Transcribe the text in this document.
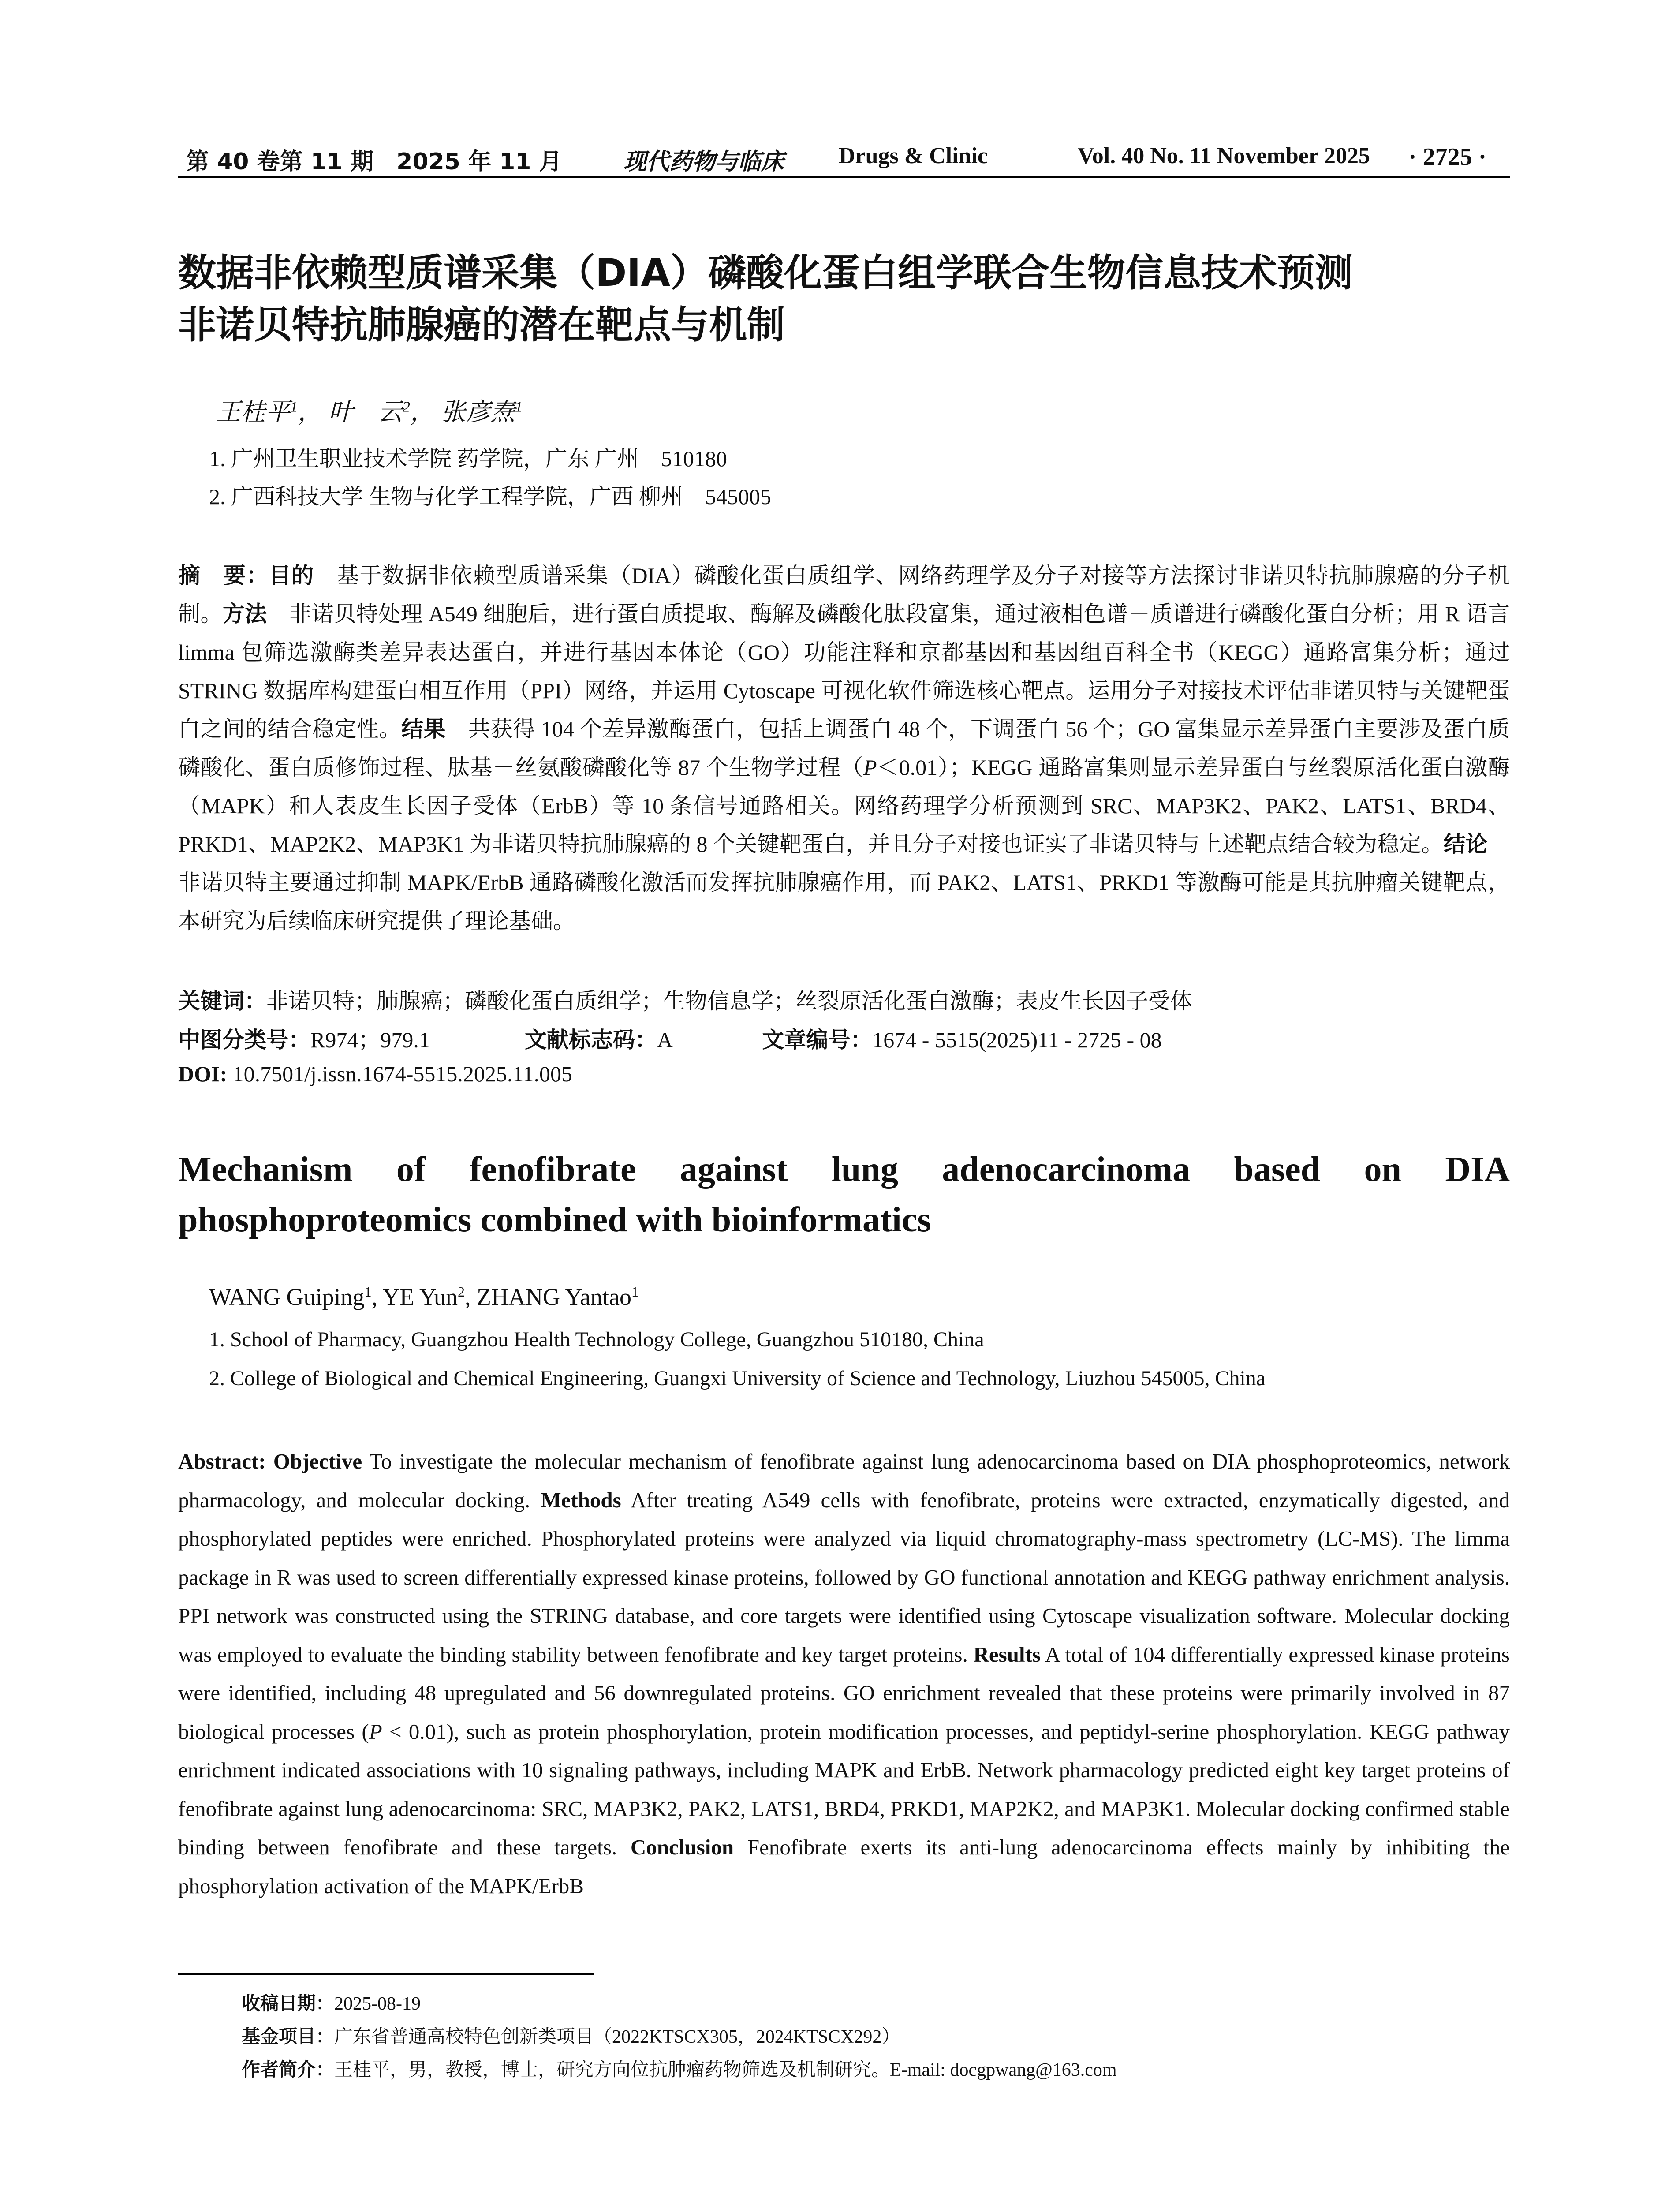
第 40 卷第 11 期　2025 年 11 月	现代药物与临床 Drugs & Clinic	Vol. 40 No. 11 November 2025 · 2725 ·
数据非依赖型质谱采集（DIA）磷酸化蛋白组学联合生物信息技术预测
非诺贝特抗肺腺癌的潜在靶点与机制
王桂平$^1$， 叶　云$^2$， 张彦焘$^1$
1. 广州卫生职业技术学院 药学院，广东 广州　510180
2. 广西科技大学 生物与化学工程学院，广西 柳州　545005
摘　要：目的　基于数据非依赖型质谱采集（DIA）磷酸化蛋白质组学、网络药理学及分子对接等方法探讨非诺贝特抗肺腺癌的分子机制。方法　非诺贝特处理 A549 细胞后，进行蛋白质提取、酶解及磷酸化肽段富集，通过液相色谱－质谱进行磷酸化蛋白分析；用 R 语言 limma 包筛选激酶类差异表达蛋白，并进行基因本体论（GO）功能注释和京都基因和基因组百科全书（KEGG）通路富集分析；通过 STRING 数据库构建蛋白相互作用（PPI）网络，并运用 Cytoscape 可视化软件筛选核心靶点。运用分子对接技术评估非诺贝特与关键靶蛋白之间的结合稳定性。结果　共获得 104 个差异激酶蛋白，包括上调蛋白 48 个，下调蛋白 56 个；GO 富集显示差异蛋白主要涉及蛋白质磷酸化、蛋白质修饰过程、肽基－丝氨酸磷酸化等 87 个生物学过程（P＜0.01）；KEGG 通路富集则显示差异蛋白与丝裂原活化蛋白激酶（MAPK）和人表皮生长因子受体（ErbB）等 10 条信号通路相关。网络药理学分析预测到 SRC、MAP3K2、PAK2、LATS1、BRD4、PRKD1、MAP2K2、MAP3K1 为非诺贝特抗肺腺癌的 8 个关键靶蛋白，并且分子对接也证实了非诺贝特与上述靶点结合较为稳定。结论　非诺贝特主要通过抑制 MAPK/ErbB 通路磷酸化激活而发挥抗肺腺癌作用，而 PAK2、LATS1、PRKD1 等激酶可能是其抗肿瘤关键靶点，本研究为后续临床研究提供了理论基础。
关键词：非诺贝特；肺腺癌；磷酸化蛋白质组学；生物信息学；丝裂原活化蛋白激酶；表皮生长因子受体
中图分类号：R974；979.1	文献标志码：A	文章编号：1674 - 5515(2025)11 - 2725 - 08
DOI: 10.7501/j.issn.1674-5515.2025.11.005
Mechanism of fenofibrate against lung adenocarcinoma based on DIA
phosphoproteomics combined with bioinformatics
WANG Guiping$^1$, YE Yun$^2$, ZHANG Yantao$^1$
1. School of Pharmacy, Guangzhou Health Technology College, Guangzhou 510180, China
2. College of Biological and Chemical Engineering, Guangxi University of Science and Technology, Liuzhou 545005, China
Abstract: Objective To investigate the molecular mechanism of fenofibrate against lung adenocarcinoma based on DIA phosphoproteomics, network pharmacology, and molecular docking. Methods After treating A549 cells with fenofibrate, proteins were extracted, enzymatically digested, and phosphorylated peptides were enriched. Phosphorylated proteins were analyzed via liquid chromatography-mass spectrometry (LC-MS). The limma package in R was used to screen differentially expressed kinase proteins, followed by GO functional annotation and KEGG pathway enrichment analysis. PPI network was constructed using the STRING database, and core targets were identified using Cytoscape visualization software. Molecular docking was employed to evaluate the binding stability between fenofibrate and key target proteins. Results A total of 104 differentially expressed kinase proteins were identified, including 48 upregulated and 56 downregulated proteins. GO enrichment revealed that these proteins were primarily involved in 87 biological processes (P < 0.01), such as protein phosphorylation, protein modification processes, and peptidyl-serine phosphorylation. KEGG pathway enrichment indicated associations with 10 signaling pathways, including MAPK and ErbB. Network pharmacology predicted eight key target proteins of fenofibrate against lung adenocarcinoma: SRC, MAP3K2, PAK2, LATS1, BRD4, PRKD1, MAP2K2, and MAP3K1. Molecular docking confirmed stable binding between fenofibrate and these targets. Conclusion Fenofibrate exerts its anti-lung adenocarcinoma effects mainly by inhibiting the phosphorylation activation of the MAPK/ErbB
收稿日期：2025-08-19
基金项目：广东省普通高校特色创新类项目（2022KTSCX305，2024KTSCX292）
作者简介：王桂平，男，教授，博士，研究方向位抗肿瘤药物筛选及机制研究。E-mail: docgpwang@163.com
